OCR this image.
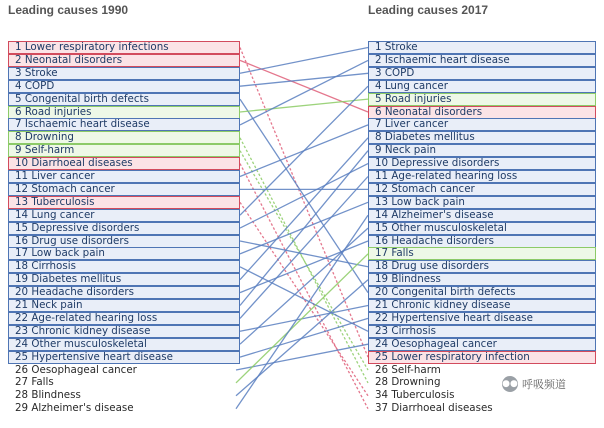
Leading causes 1990	Leading causes 2017
1 Lower respiratory infections
2 Neonatal disorders
3 Stroke
4 COPD
5 Congenital birth defects
6 Road injuries
7 Ischaemic heart disease
8 Drowning
9 Self-harm
10 Diarrhoeal diseases
11 Liver cancer
12 Stomach cancer
13 Tuberculosis
14 Lung cancer
15 Depressive disorders
16 Drug use disorders
17 Low back pain
18 Cirrhosis
19 Diabetes mellitus
20 Headache disorders
21 Neck pain
22 Age-related hearing loss
23 Chronic kidney disease
24 Other musculoskeletal
25 Hypertensive heart disease
26 Oesophageal cancer
27 Falls
28 Blindness
29 Alzheimer's disease
1 Stroke
2 Ischaemic heart disease
3 COPD
4 Lung cancer
5 Road injuries
6 Neonatal disorders
7 Liver cancer
8 Diabetes mellitus
9 Neck pain
10 Depressive disorders
11 Age-related hearing loss
12 Stomach cancer
13 Low back pain
14 Alzheimer's disease
15 Other musculoskeletal
16 Headache disorders
17 Falls
18 Drug use disorders
19 Blindness
20 Congenital birth defects
21 Chronic kidney disease
22 Hypertensive heart disease
23 Cirrhosis
24 Oesophageal cancer
25 Lower respiratory infection
26 Self-harm
28 Drowning
34 Tuberculosis
37 Diarrhoeal diseases
●● 呼吸频道
